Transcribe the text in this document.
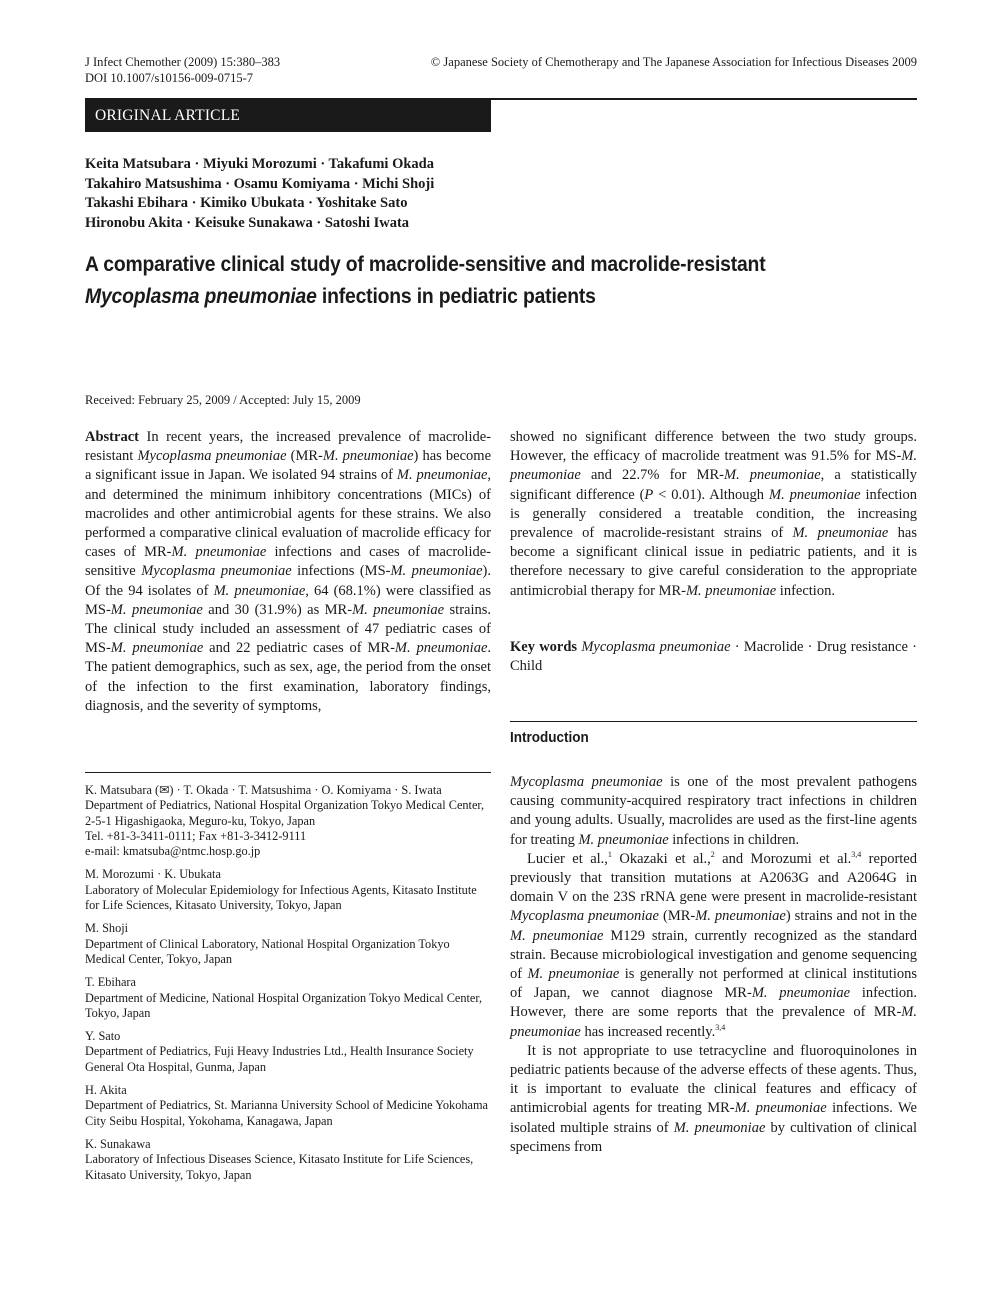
J Infect Chemother (2009) 15:380–383
DOI 10.1007/s10156-009-0715-7
© Japanese Society of Chemotherapy and The Japanese Association for Infectious Diseases 2009
ORIGINAL ARTICLE
Keita Matsubara · Miyuki Morozumi · Takafumi Okada
Takahiro Matsushima · Osamu Komiyama · Michi Shoji
Takashi Ebihara · Kimiko Ubukata · Yoshitake Sato
Hironobu Akita · Keisuke Sunakawa · Satoshi Iwata
A comparative clinical study of macrolide-sensitive and macrolide-resistant
Mycoplasma pneumoniae infections in pediatric patients
Received: February 25, 2009 / Accepted: July 15, 2009

Abstract In recent years, the increased prevalence of macrolide-resistant Mycoplasma pneumoniae (MR-M. pneumoniae) has become a significant issue in Japan. We isolated 94 strains of M. pneumoniae, and determined the minimum inhibitory concentrations (MICs) of macrolides and other antimicrobial agents for these strains. We also performed a comparative clinical evaluation of macrolide efficacy for cases of MR-M. pneumoniae infections and cases of macrolide-sensitive Mycoplasma pneumoniae infections (MS-M. pneumoniae). Of the 94 isolates of M. pneumoniae, 64 (68.1%) were classified as MS-M. pneumoniae and 30 (31.9%) as MR-M. pneumoniae strains. The clinical study included an assessment of 47 pediatric cases of MS-M. pneumoniae and 22 pediatric cases of MR-M. pneumoniae. The patient demographics, such as sex, age, the period from the onset of the infection to the first examination, laboratory findings, diagnosis, and the severity of symptoms,

showed no significant difference between the two study groups. However, the efficacy of macrolide treatment was 91.5% for MS-M. pneumoniae and 22.7% for MR-M. pneumoniae, a statistically significant difference (P < 0.01). Although M. pneumoniae infection is generally considered a treatable condition, the increasing prevalence of macrolide-resistant strains of M. pneumoniae has become a significant clinical issue in pediatric patients, and it is therefore necessary to give careful consideration to the appropriate antimicrobial therapy for MR-M. pneumoniae infection.

Key words Mycoplasma pneumoniae · Macrolide · Drug resistance · Child

Introduction

Mycoplasma pneumoniae is one of the most prevalent pathogens causing community-acquired respiratory tract infections in children and young adults. Usually, macrolides are used as the first-line agents for treating M. pneumoniae infections in children.

Lucier et al.,$^1$ Okazaki et al.,$^2$ and Morozumi et al.$^{3,4}$ reported previously that transition mutations at A2063G and A2064G in domain V on the 23S rRNA gene were present in macrolide-resistant Mycoplasma pneumoniae (MR-M. pneumoniae) strains and not in the M. pneumoniae M129 strain, currently recognized as the standard strain. Because microbiological investigation and genome sequencing of M. pneumoniae is generally not performed at clinical institutions of Japan, we cannot diagnose MR-M. pneumoniae infection. However, there are some reports that the prevalence of MR-M. pneumoniae has increased recently.$^{3,4}$

It is not appropriate to use tetracycline and fluoroquinolones in pediatric patients because of the adverse effects of these agents. Thus, it is important to evaluate the clinical features and efficacy of antimicrobial agents for treating MR-M. pneumoniae infections. We isolated multiple strains of M. pneumoniae by cultivation of clinical specimens from

K. Matsubara (✉) · T. Okada · T. Matsushima · O. Komiyama · S. Iwata
Department of Pediatrics, National Hospital Organization Tokyo Medical Center, 2-5-1 Higashigaoka, Meguro-ku, Tokyo, Japan
Tel. +81-3-3411-0111; Fax +81-3-3412-9111
e-mail: kmatsuba@ntmc.hosp.go.jp
M. Morozumi · K. Ubukata
Laboratory of Molecular Epidemiology for Infectious Agents, Kitasato Institute for Life Sciences, Kitasato University, Tokyo, Japan
M. Shoji
Department of Clinical Laboratory, National Hospital Organization Tokyo Medical Center, Tokyo, Japan
T. Ebihara
Department of Medicine, National Hospital Organization Tokyo Medical Center, Tokyo, Japan
Y. Sato
Department of Pediatrics, Fuji Heavy Industries Ltd., Health Insurance Society General Ota Hospital, Gunma, Japan
H. Akita
Department of Pediatrics, St. Marianna University School of Medicine Yokohama City Seibu Hospital, Yokohama, Kanagawa, Japan
K. Sunakawa
Laboratory of Infectious Diseases Science, Kitasato Institute for Life Sciences, Kitasato University, Tokyo, Japan
